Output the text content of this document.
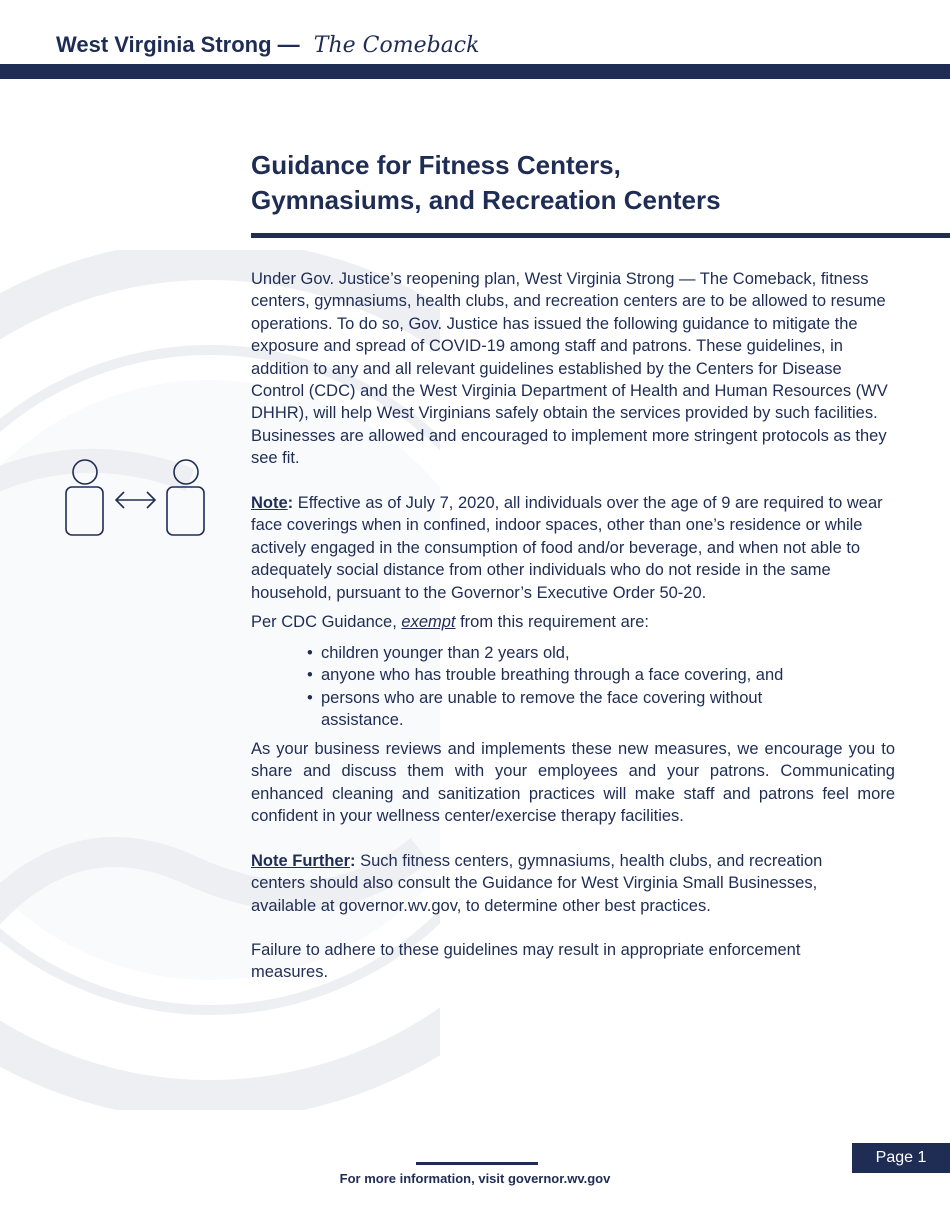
West Virginia Strong — The Comeback
Guidance for Fitness Centers,
Gymnasiums, and Recreation Centers
Under Gov. Justice’s reopening plan, West Virginia Strong — The Comeback, fitness centers, gymnasiums, health clubs, and recreation centers are to be allowed to resume operations. To do so, Gov. Justice has issued the following guidance to mitigate the exposure and spread of COVID-19 among staff and patrons. These guidelines, in addition to any and all relevant guidelines established by the Centers for Disease Control (CDC) and the West Virginia Department of Health and Human Resources (WV DHHR), will help West Virginians safely obtain the services provided by such facilities. Businesses are allowed and encouraged to implement more stringent protocols as they see fit.
Note: Effective as of July 7, 2020, all individuals over the age of 9 are required to wear face coverings when in confined, indoor spaces, other than one’s residence or while actively engaged in the consumption of food and/or beverage, and when not able to adequately social distance from other individuals who do not reside in the same household, pursuant to the Governor’s Executive Order 50-20.
Per CDC Guidance, exempt from this requirement are:
• children younger than 2 years old,
• anyone who has trouble breathing through a face covering, and
• persons who are unable to remove the face covering without assistance.
As your business reviews and implements these new measures, we encourage you to share and discuss them with your employees and your patrons. Communicating enhanced cleaning and sanitization practices will make staff and patrons feel more confident in your wellness center/exercise therapy facilities.
Note Further: Such fitness centers, gymnasiums, health clubs, and recreation centers should also consult the Guidance for West Virginia Small Businesses, available at governor.wv.gov, to determine other best practices.
Failure to adhere to these guidelines may result in appropriate enforcement measures.
For more information, visit governor.wv.gov
Page 1
